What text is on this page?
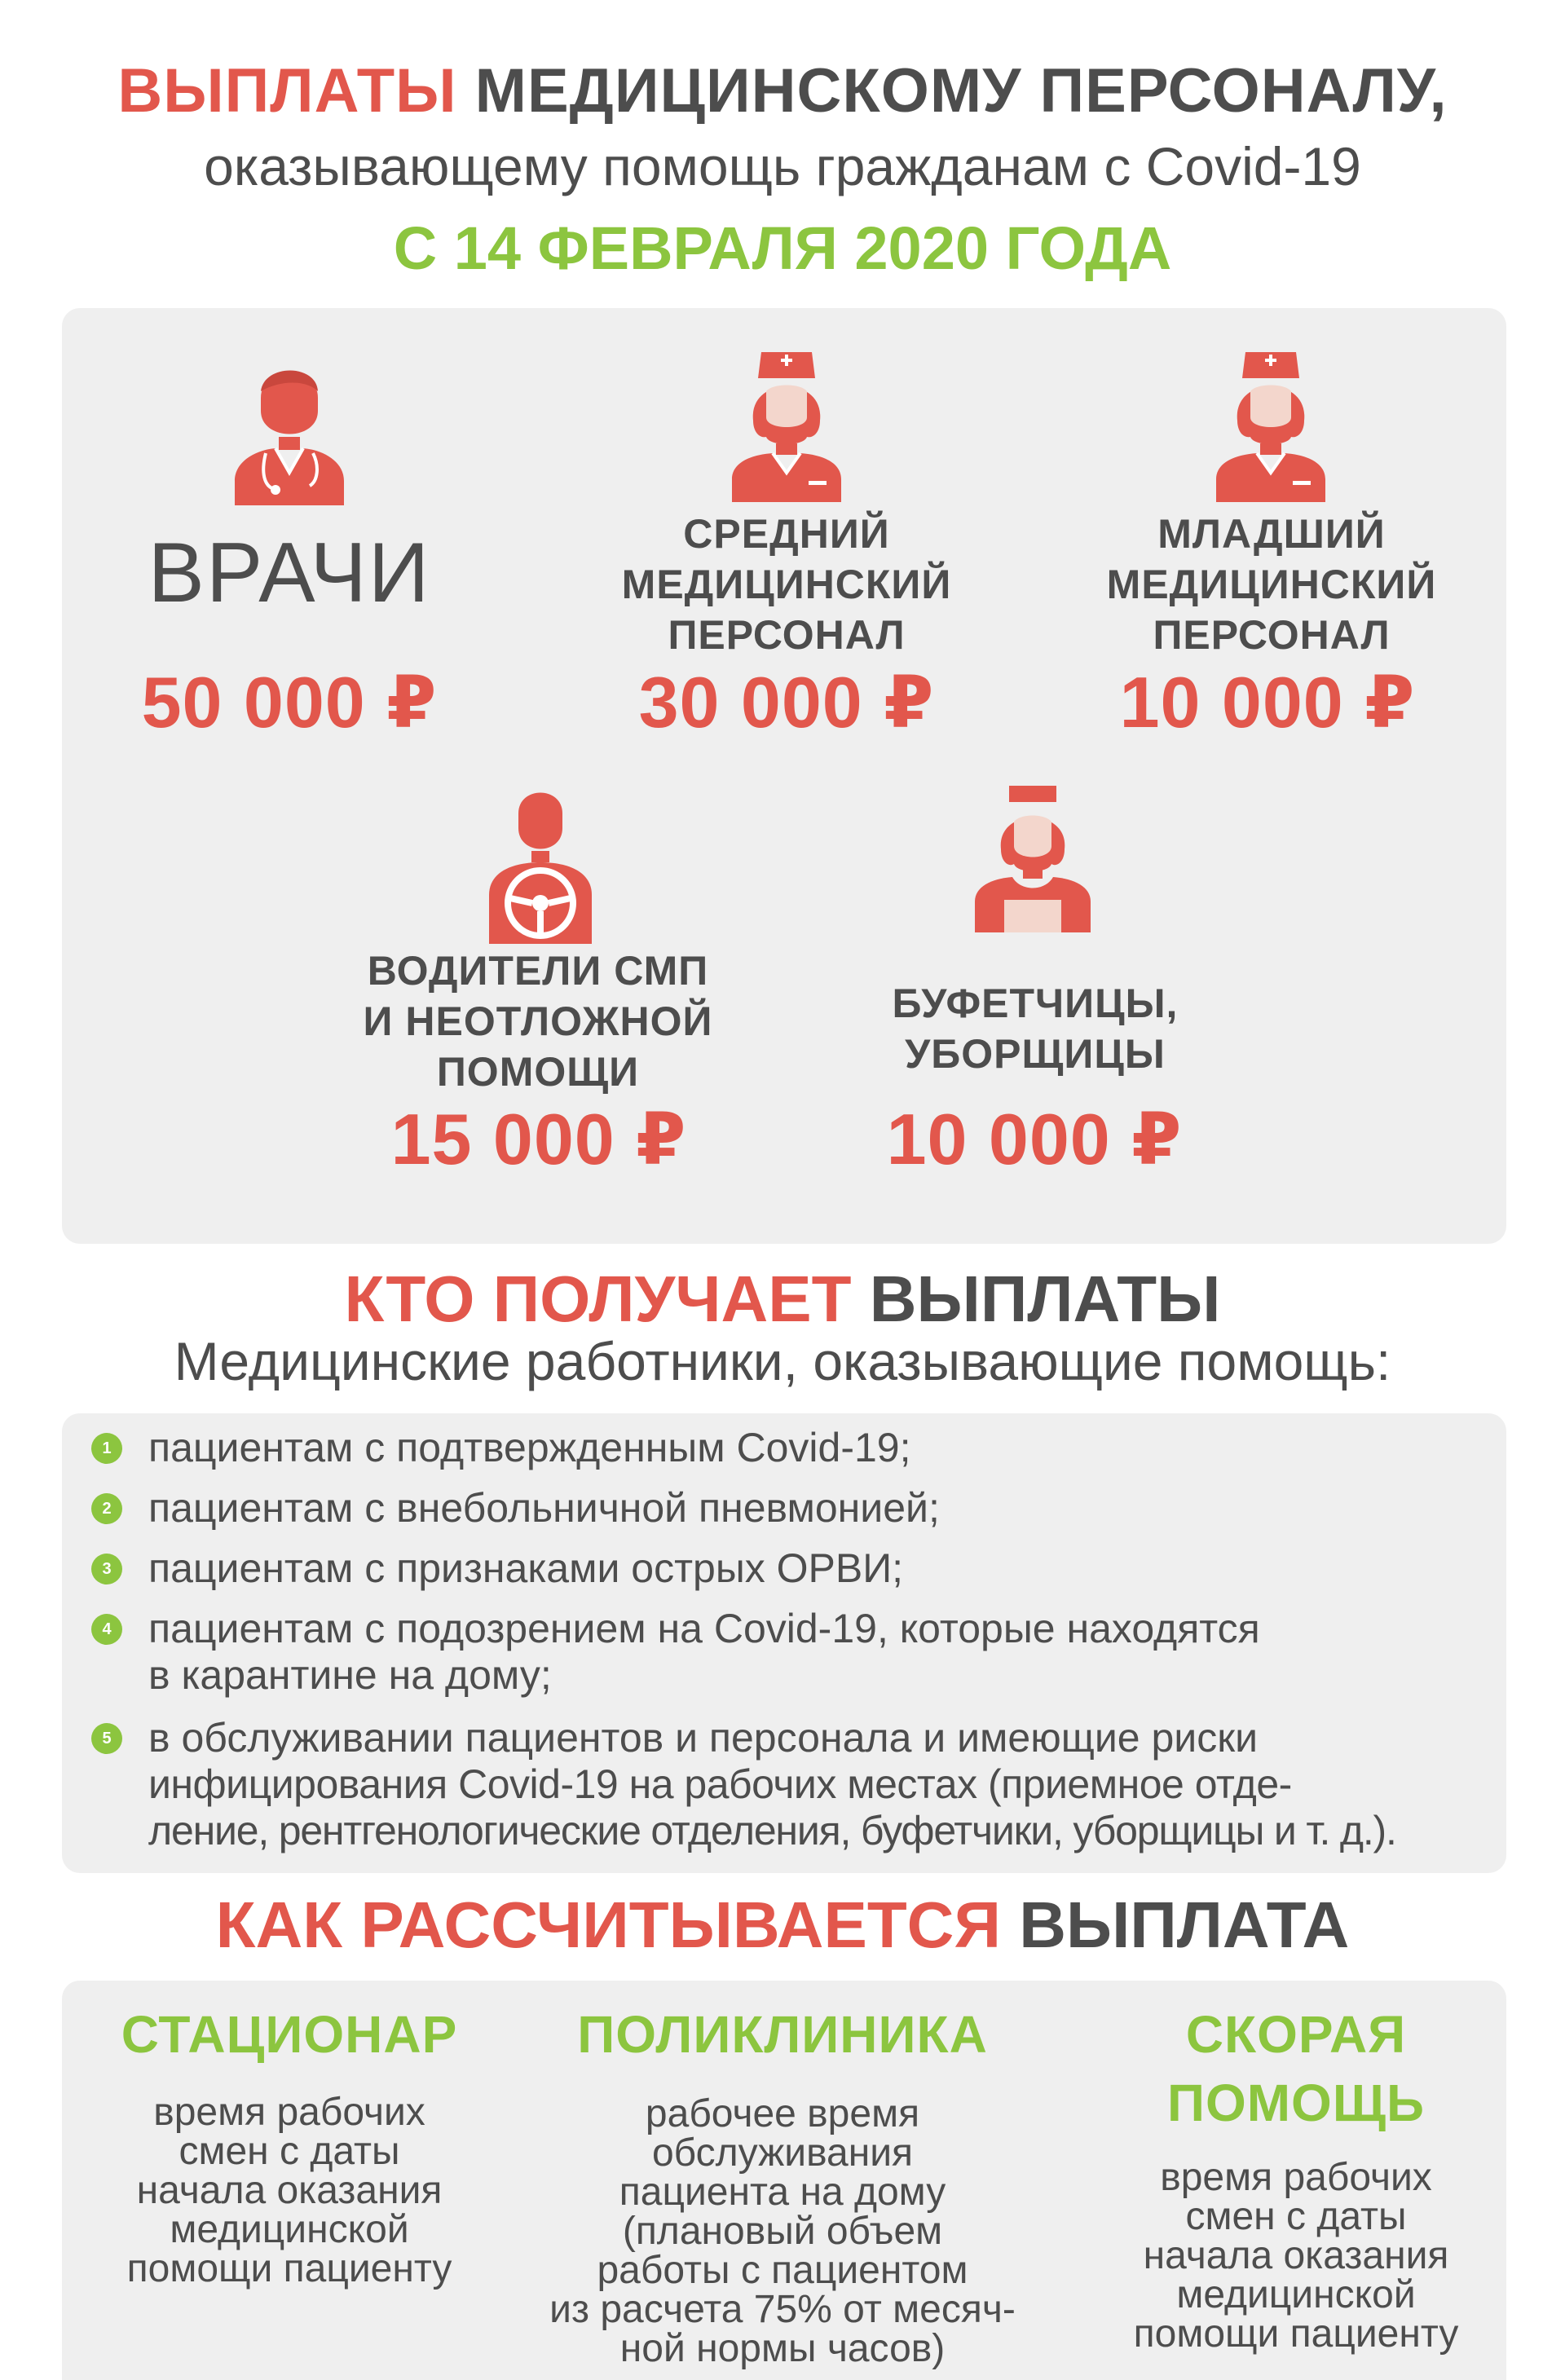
ВЫПЛАТЫ МЕДИЦИНСКОМУ ПЕРСОНАЛУ,
оказывающему помощь гражданам с Covid-19
С 14 ФЕВРАЛЯ 2020 ГОДА
ВРАЧИ
50 000 ₽
СРЕДНИЙ
МЕДИЦИНСКИЙ
ПЕРСОНАЛ
30 000 ₽
МЛАДШИЙ
МЕДИЦИНСКИЙ
ПЕРСОНАЛ
10 000 ₽
ВОДИТЕЛИ СМП
И НЕОТЛОЖНОЙ
ПОМОЩИ
15 000 ₽
БУФЕТЧИЦЫ,
УБОРЩИЦЫ
10 000 ₽
КТО ПОЛУЧАЕТ ВЫПЛАТЫ
Медицинские работники, оказывающие помощь:
1 пациентам с подтвержденным Covid-19;
2 пациентам с внебольничной пневмонией;
3 пациентам с признаками острых ОРВИ;
4 пациентам с подозрением на Covid-19, которые находятся
в карантине на дому;
5 в обслуживании пациентов и персонала и имеющие риски
инфицирования Covid-19 на рабочих местах (приемное отде-
ление, рентгенологические отделения, буфетчики, уборщицы и т. д.).
КАК РАССЧИТЫВАЕТСЯ ВЫПЛАТА
СТАЦИОНАР
время рабочих
смен с даты
начала оказания
медицинской
помощи пациенту
ПОЛИКЛИНИКА
рабочее время
обслуживания
пациента на дому
(плановый объем
работы с пациентом
из расчета 75% от месяч-
ной нормы часов)
СКОРАЯ
ПОМОЩЬ
время рабочих
смен с даты
начала оказания
медицинской
помощи пациенту
